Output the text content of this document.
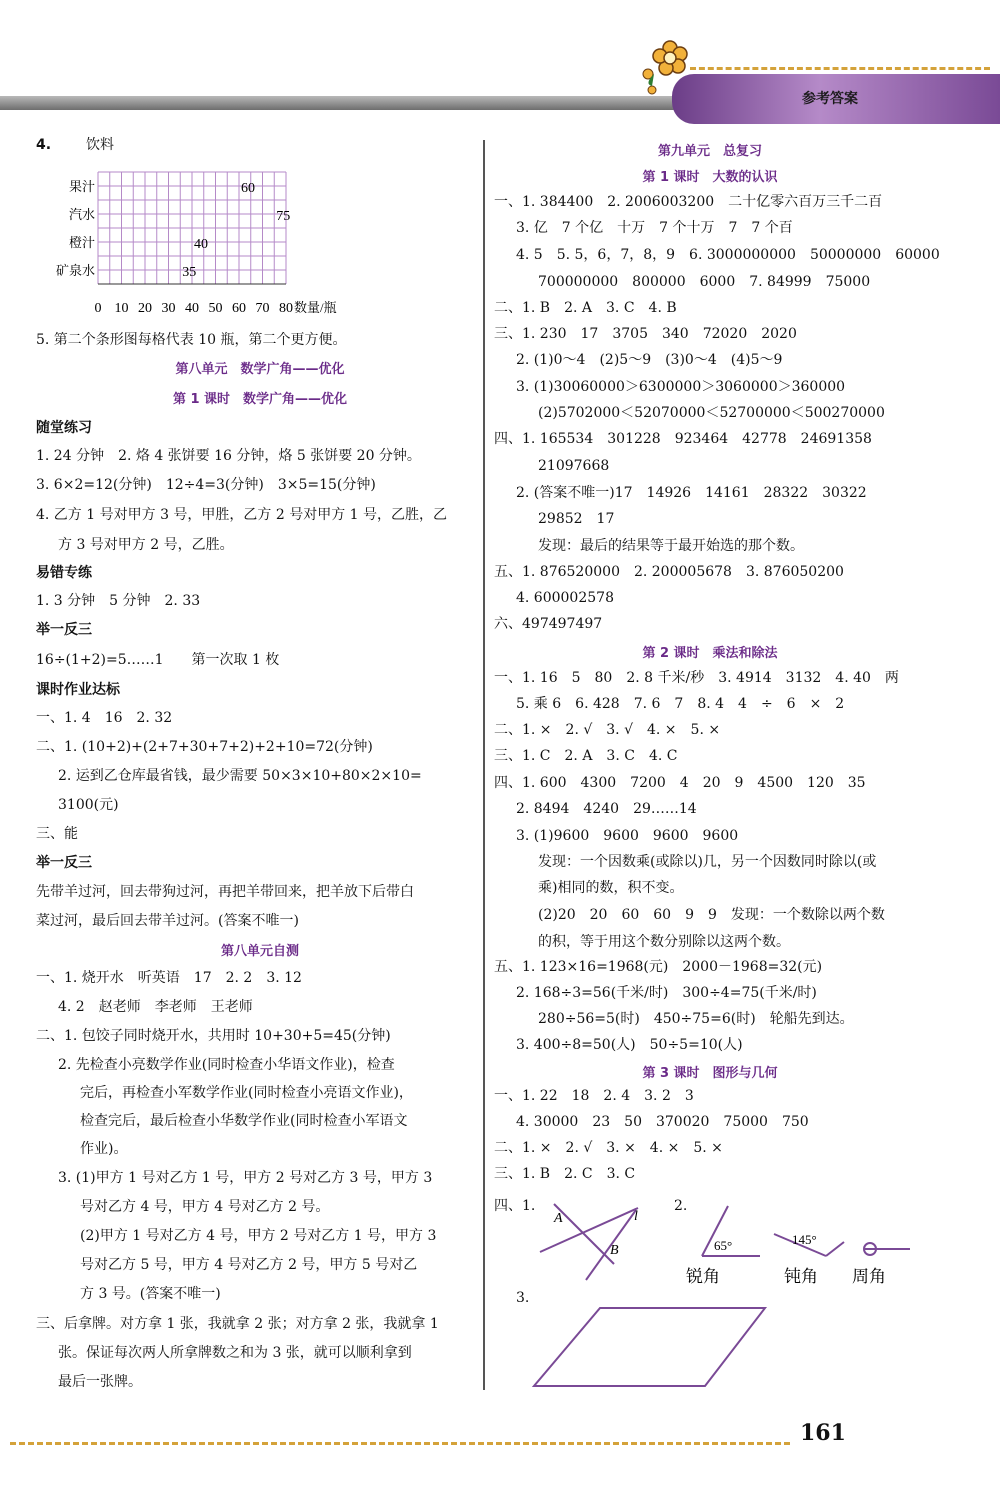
参考答案
4. 饮料
果汁	60
汽水	75
橙汁	40
矿泉水	35
0 10 20 30 40 50 60 70 80 数量/瓶
A
B
l
65°	145°
锐角	钝角 周角
161
5. 第二个条形图每格代表 10 瓶，第二个更方便。
第八单元　数学广角——优化
第 1 课时　数学广角——优化
随堂练习
1. 24 分钟　2. 烙 4 张饼要 16 分钟，烙 5 张饼要 20 分钟。
3. 6×2=12(分钟)　12÷4=3(分钟)　3×5=15(分钟)
4. 乙方 1 号对甲方 3 号，甲胜，乙方 2 号对甲方 1 号，乙胜，乙
方 3 号对甲方 2 号，乙胜。
易错专练
1. 3 分钟　5 分钟　2. 33
举一反三
16÷(1+2)=5……1　　第一次取 1 枚
课时作业达标
一、1. 4　16　2. 32
二、1. (10+2)+(2+7+30+7+2)+2+10=72(分钟)
2. 运到乙仓库最省钱，最少需要 50×3×10+80×2×10=
3100(元)
三、能
举一反三
先带羊过河，回去带狗过河，再把羊带回来，把羊放下后带白
菜过河，最后回去带羊过河。(答案不唯一)
第八单元自测
一、1. 烧开水　听英语　17　2. 2　3. 12
4. 2　赵老师　李老师　王老师
二、1. 包饺子同时烧开水，共用时 10+30+5=45(分钟)
2. 先检查小亮数学作业(同时检查小华语文作业)，检查
完后，再检查小军数学作业(同时检查小亮语文作业)，
检查完后，最后检查小华数学作业(同时检查小军语文
作业)。
3. (1)甲方 1 号对乙方 1 号，甲方 2 号对乙方 3 号，甲方 3
号对乙方 4 号，甲方 4 号对乙方 2 号。
(2)甲方 1 号对乙方 4 号，甲方 2 号对乙方 1 号，甲方 3
号对乙方 5 号，甲方 4 号对乙方 2 号，甲方 5 号对乙
方 3 号。(答案不唯一)
三、后拿牌。对方拿 1 张，我就拿 2 张；对方拿 2 张，我就拿 1
张。保证每次两人所拿牌数之和为 3 张，就可以顺利拿到
最后一张牌。
第九单元　总复习
第 1 课时　大数的认识
一、1. 384400　2. 2006003200　二十亿零六百万三千二百
3. 亿　7 个亿　十万　7 个十万　7　7 个百
4. 5　5. 5，6，7，8，9　6. 3000000000　50000000　60000
700000000　800000　6000　7. 84999　75000
二、1. B　2. A　3. C　4. B
三、1. 230　17　3705　340　72020　2020
2. (1)0～4　(2)5～9　(3)0～4　(4)5～9
3. (1)30060000＞6300000＞3060000＞360000
(2)5702000＜52070000＜52700000＜500270000
四、1. 165534　301228　923464　42778　24691358
21097668
2. (答案不唯一)17　14926　14161　28322　30322
29852　17
发现：最后的结果等于最开始选的那个数。
五、1. 876520000　2. 200005678　3. 876050200
4. 600002578
六、497497497
第 2 课时　乘法和除法
一、1. 16　5　80　2. 8 千米/秒　3. 4914　3132　4. 40　两
5. 乘 6　6. 428　7. 6　7　8. 4　4　÷　6　×　2
二、1. ×　2. √　3. √　4. ×　5. ×
三、1. C　2. A　3. C　4. C
四、1. 600　4300　7200　4　20　9　4500　120　35
2. 8494　4240　29……14
3. (1)9600　9600　9600　9600
发现：一个因数乘(或除以)几，另一个因数同时除以(或
乘)相同的数，积不变。
(2)20　20　60　60　9　9　发现：一个数除以两个数
的积，等于用这个数分别除以这两个数。
五、1. 123×16=1968(元)　2000－1968=32(元)
2. 168÷3=56(千米/时)　300÷4=75(千米/时)
280÷56=5(时)　450÷75=6(时)　轮船先到达。
3. 400÷8=50(人)　50÷5=10(人)
第 3 课时　图形与几何
一、1. 22　18　2. 4　3. 2　3
4. 30000　23　50　370020　75000　750
二、1. ×　2. √　3. ×　4. ×　5. ×
三、1. B　2. C　3. C
四、1.	2.
3.
